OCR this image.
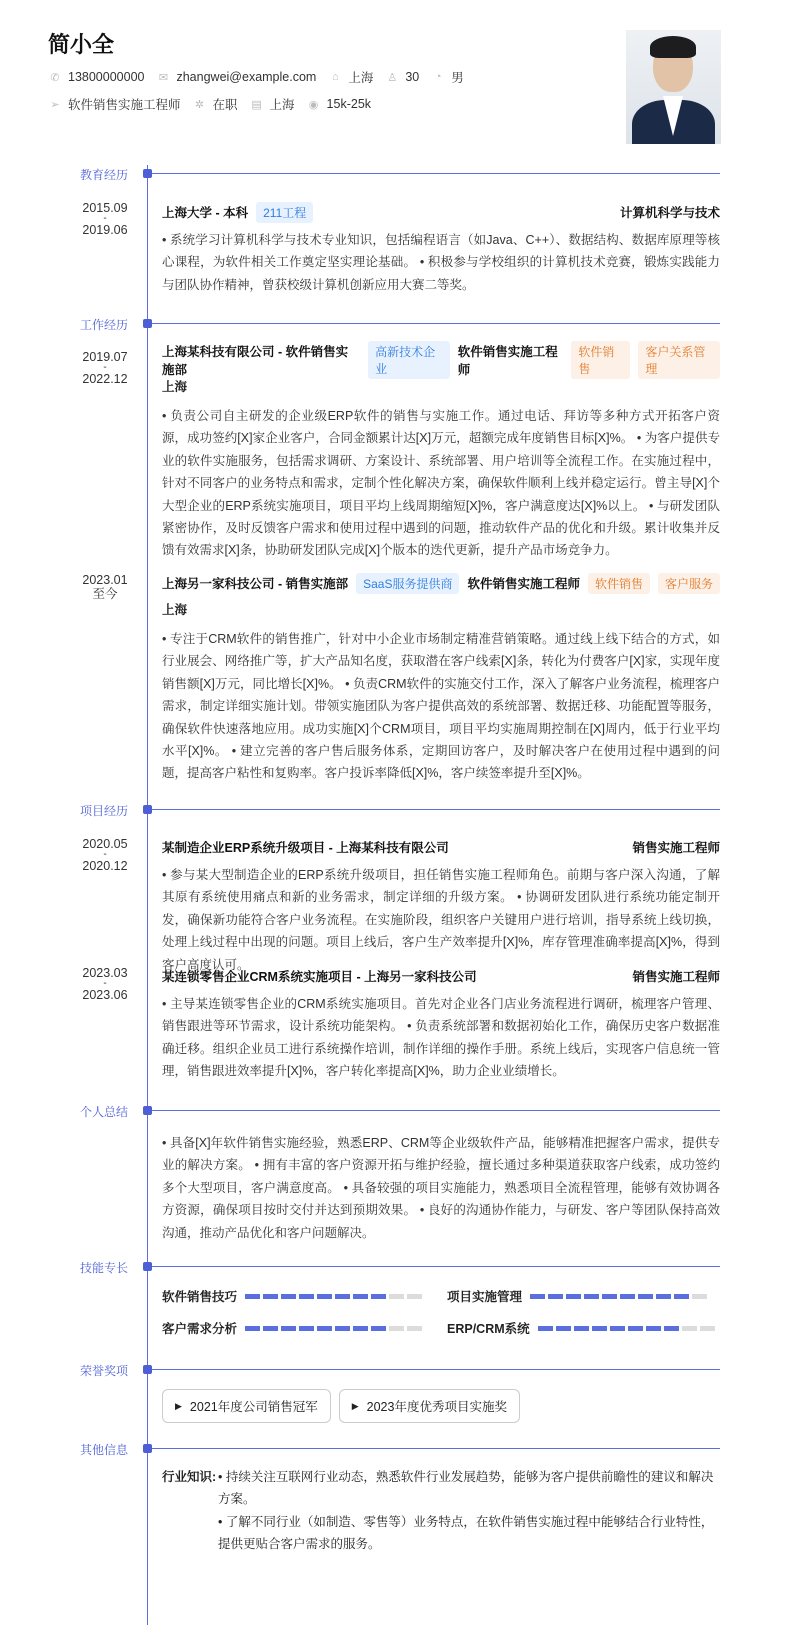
简小全
✆ 13800000000 ✉ zhangwei@example.com	⌂ 上海 ♙ 30	◔ 男
➢ 软件销售实施工程师 ✲ 在职 ▤ 上海 ◉ 15k-25k
教育经历
2015.09
-
2019.06
上海大学 - 本科	211工程	计算机科学与技术
• 系统学习计算机科学与技术专业知识，包括编程语言（如Java、C++）、数据结构、数据库原理等核心课程，为软件相关工作奠定坚实理论基础。 • 积极参与学校组织的计算机技术竞赛，锻炼实践能力与团队协作精神，曾获校级计算机创新应用大赛二等奖。
工作经历
2019.07
-
2022.12
上海某科技有限公司 - 软件销售实施部
高新技术企业
软件销售实施工程师
软件销售
客户关系管理
上海
• 负责公司自主研发的企业级ERP软件的销售与实施工作。通过电话、拜访等多种方式开拓客户资源，成功签约[X]家企业客户，合同金额累计达[X]万元，超额完成年度销售目标[X]%。 • 为客户提供专业的软件实施服务，包括需求调研、方案设计、系统部署、用户培训等全流程工作。在实施过程中，针对不同客户的业务特点和需求，定制个性化解决方案，确保软件顺利上线并稳定运行。曾主导[X]个大型企业的ERP系统实施项目，项目平均上线周期缩短[X]%，客户满意度达[X]%以上。 • 与研发团队紧密协作，及时反馈客户需求和使用过程中遇到的问题，推动软件产品的优化和升级。累计收集并反馈有效需求[X]条，协助研发团队完成[X]个版本的迭代更新，提升产品市场竞争力。
2023.01
至今
上海另一家科技公司 - 销售实施部	SaaS服务提供商	软件销售实施工程师	软件销售	客户服务
上海
• 专注于CRM软件的销售推广，针对中小企业市场制定精准营销策略。通过线上线下结合的方式，如行业展会、网络推广等，扩大产品知名度，获取潜在客户线索[X]条，转化为付费客户[X]家，实现年度销售额[X]万元，同比增长[X]%。 • 负责CRM软件的实施交付工作，深入了解客户业务流程，梳理客户需求，制定详细实施计划。带领实施团队为客户提供高效的系统部署、数据迁移、功能配置等服务，确保软件快速落地应用。成功实施[X]个CRM项目，项目平均实施周期控制在[X]周内，低于行业平均水平[X]%。 • 建立完善的客户售后服务体系，定期回访客户，及时解决客户在使用过程中遇到的问题，提高客户粘性和复购率。客户投诉率降低[X]%，客户续签率提升至[X]%。
项目经历
2020.05
-
2020.12
某制造企业ERP系统升级项目 - 上海某科技有限公司	销售实施工程师
• 参与某大型制造企业的ERP系统升级项目，担任销售实施工程师角色。前期与客户深入沟通，了解其原有系统使用痛点和新的业务需求，制定详细的升级方案。 • 协调研发团队进行系统功能定制开发，确保新功能符合客户业务流程。在实施阶段，组织客户关键用户进行培训，指导系统上线切换，处理上线过程中出现的问题。项目上线后，客户生产效率提升[X]%，库存管理准确率提高[X]%，得到客户高度认可。
2023.03
-
2023.06
某连锁零售企业CRM系统实施项目 - 上海另一家科技公司	销售实施工程师
• 主导某连锁零售企业的CRM系统实施项目。首先对企业各门店业务流程进行调研，梳理客户管理、销售跟进等环节需求，设计系统功能架构。 • 负责系统部署和数据初始化工作，确保历史客户数据准确迁移。组织企业员工进行系统操作培训，制作详细的操作手册。系统上线后，实现客户信息统一管理，销售跟进效率提升[X]%，客户转化率提高[X]%，助力企业业绩增长。
个人总结
• 具备[X]年软件销售实施经验，熟悉ERP、CRM等企业级软件产品，能够精准把握客户需求，提供专业的解决方案。 • 拥有丰富的客户资源开拓与维护经验，擅长通过多种渠道获取客户线索，成功签约多个大型项目，客户满意度高。 • 具备较强的项目实施能力，熟悉项目全流程管理，能够有效协调各方资源，确保项目按时交付并达到预期效果。 • 良好的沟通协作能力，与研发、客户等团队保持高效沟通，推动产品优化和客户问题解决。
技能专长
软件销售技巧	项目实施管理
客户需求分析	ERP/CRM系统
荣誉奖项
▶ 2021年度公司销售冠军	▶ 2023年度优秀项目实施奖
其他信息
行业知识: • 持续关注互联网行业动态，熟悉软件行业发展趋势，能够为客户提供前瞻性的建议和解决方案。
• 了解不同行业（如制造、零售等）业务特点，在软件销售实施过程中能够结合行业特性，提供更贴合客户需求的服务。
